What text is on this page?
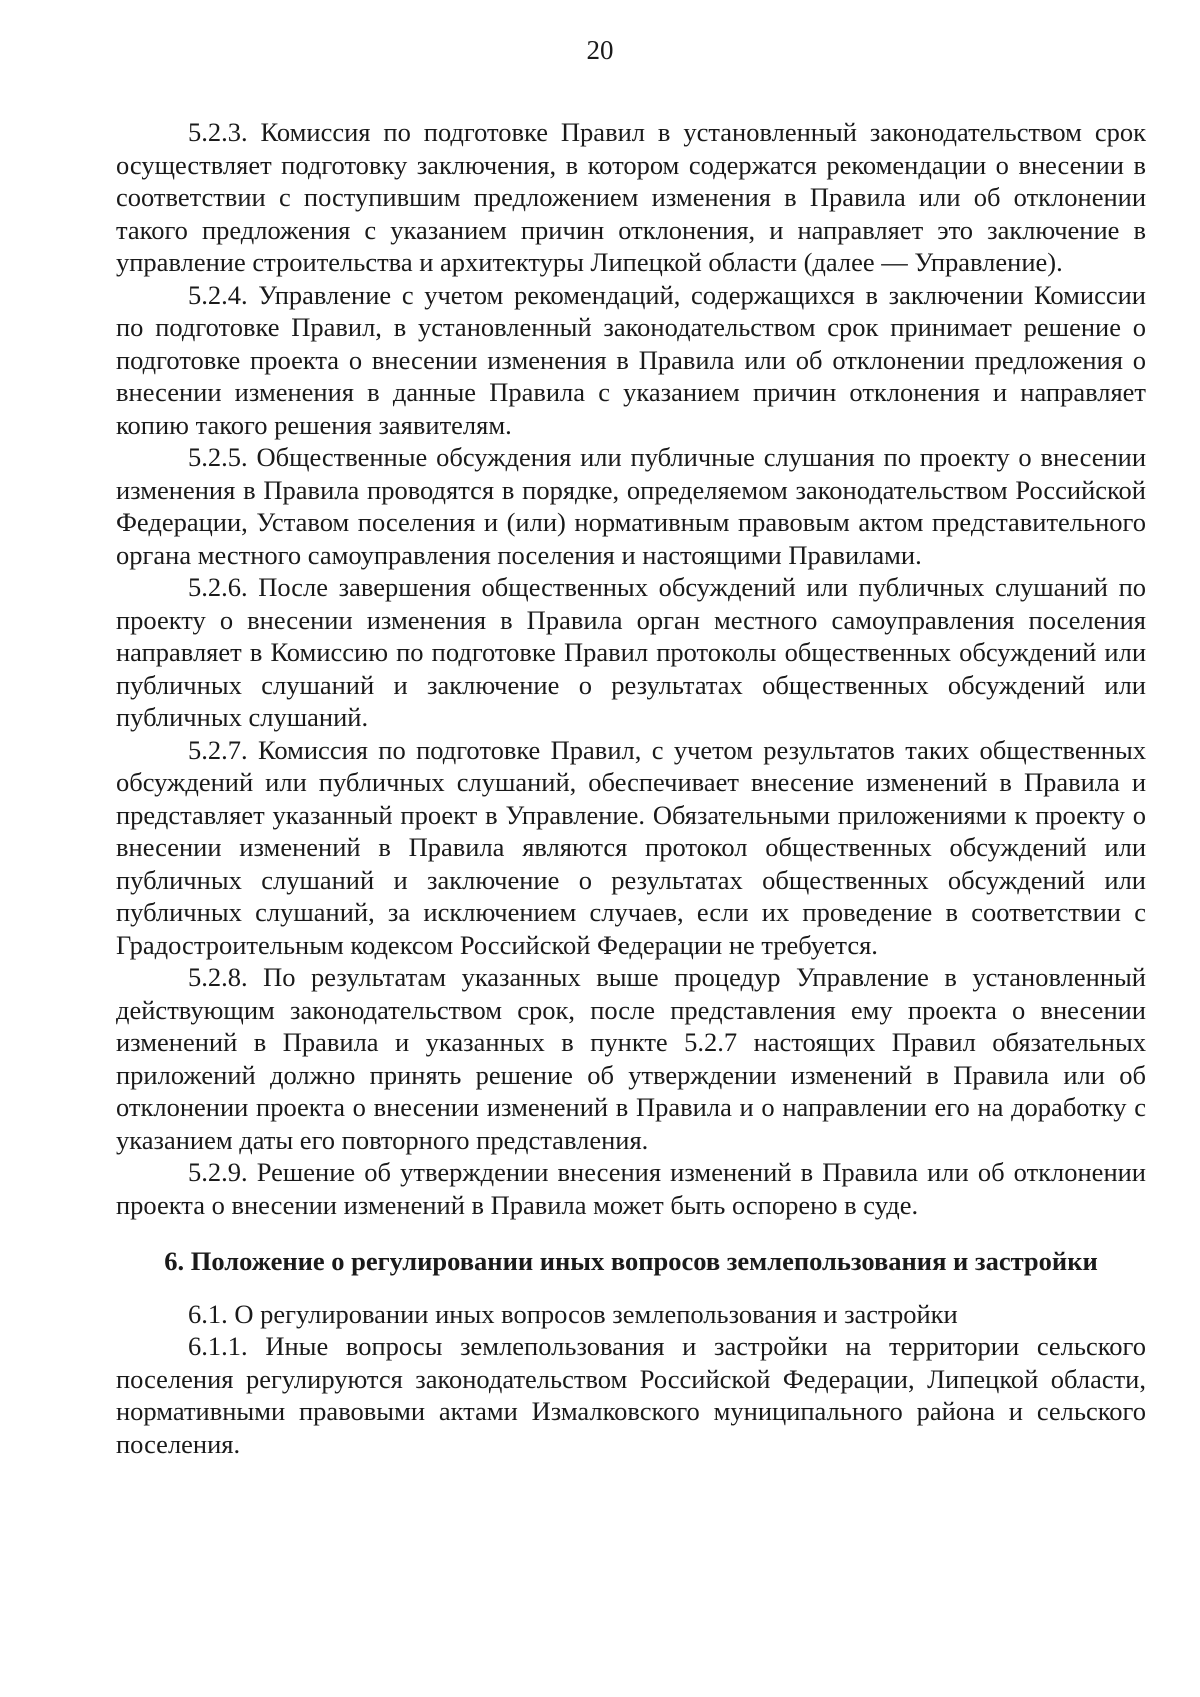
20

5.2.3. Комиссия по подготовке Правил в установленный законодательством срок осуществляет подготовку заключения, в котором содержатся рекомендации о внесении в соответствии с поступившим предложением изменения в Правила или об отклонении такого предложения с указанием причин отклонения, и направляет это заключение в управление строительства и архитектуры Липецкой области (далее — Управление).

5.2.4. Управление с учетом рекомендаций, содержащихся в заключении Комиссии по подготовке Правил, в установленный законодательством срок принимает решение о подготовке проекта о внесении изменения в Правила или об отклонении предложения о внесении изменения в данные Правила с указанием причин отклонения и направляет копию такого решения заявителям.

5.2.5. Общественные обсуждения или публичные слушания по проекту о внесении изменения в Правила проводятся в порядке, определяемом законодательством Российской Федерации, Уставом поселения и (или) нормативным правовым актом представительного органа местного самоуправления поселения и настоящими Правилами.

5.2.6. После завершения общественных обсуждений или публичных слушаний по проекту о внесении изменения в Правила орган местного самоуправления поселения направляет в Комиссию по подготовке Правил протоколы общественных обсуждений или публичных слушаний и заключение о результатах общественных обсуждений или публичных слушаний.

5.2.7. Комиссия по подготовке Правил, с учетом результатов таких общественных обсуждений или публичных слушаний, обеспечивает внесение изменений в Правила и представляет указанный проект в Управление. Обязательными приложениями к проекту о внесении изменений в Правила являются протокол общественных обсуждений или публичных слушаний и заключение о результатах общественных обсуждений или публичных слушаний, за исключением случаев, если их проведение в соответствии с Градостроительным кодексом Российской Федерации не требуется.

5.2.8. По результатам указанных выше процедур Управление в установленный действующим законодательством срок, после представления ему проекта о внесении изменений в Правила и указанных в пункте 5.2.7 настоящих Правил обязательных приложений должно принять решение об утверждении изменений в Правила или об отклонении проекта о внесении изменений в Правила и о направлении его на доработку с указанием даты его повторного представления.

5.2.9. Решение об утверждении внесения изменений в Правила или об отклонении проекта о внесении изменений в Правила может быть оспорено в суде.

6. Положение о регулировании иных вопросов землепользования и застройки

6.1. О регулировании иных вопросов землепользования и застройки

6.1.1. Иные вопросы землепользования и застройки на территории сельского поселения регулируются законодательством Российской Федерации, Липецкой области, нормативными правовыми актами Измалковского муниципального района и сельского поселения.
